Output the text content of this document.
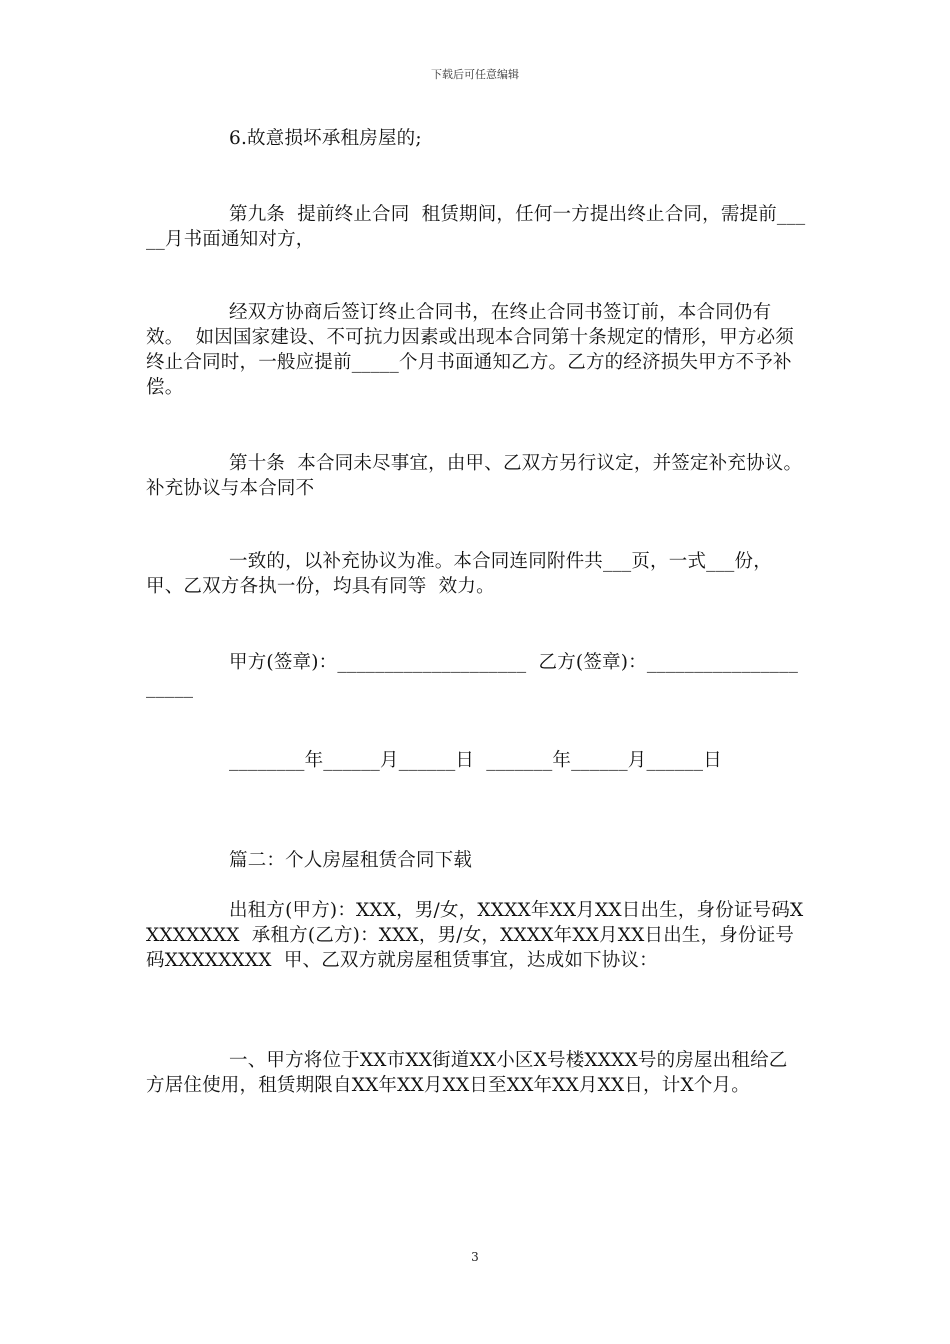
下载后可任意编辑
6.故意损坏承租房屋的;
第九条  提前终止合同  租赁期间，任何一方提出终止合同，需提前_____月书面通知对方，
经双方协商后签订终止合同书，在终止合同书签订前，本合同仍有效。  如因国家建设、不可抗力因素或出现本合同第十条规定的情形，甲方必须终止合同时，一般应提前_____个月书面通知乙方。乙方的经济损失甲方不予补偿。
第十条  本合同未尽事宜，由甲、乙双方另行议定，并签定补充协议。补充协议与本合同不
一致的，以补充协议为准。本合同连同附件共___页，一式___份，甲、乙双方各执一份，均具有同等  效力。
甲方(签章)：____________________  乙方(签章)：_____________________
________年______月______日  _______年______月______日
篇二：个人房屋租赁合同下载
出租方(甲方)：XXX，男/女，XXXX年XX月XX日出生，身份证号码XXXXXXXX  承租方(乙方)：XXX，男/女，XXXX年XX月XX日出生，身份证号码XXXXXXXX  甲、乙双方就房屋租赁事宜，达成如下协议：
一、甲方将位于XX市XX街道XX小区X号楼XXXX号的房屋出租给乙方居住使用，租赁期限自XX年XX月XX日至XX年XX月XX日，计X个月。
3
